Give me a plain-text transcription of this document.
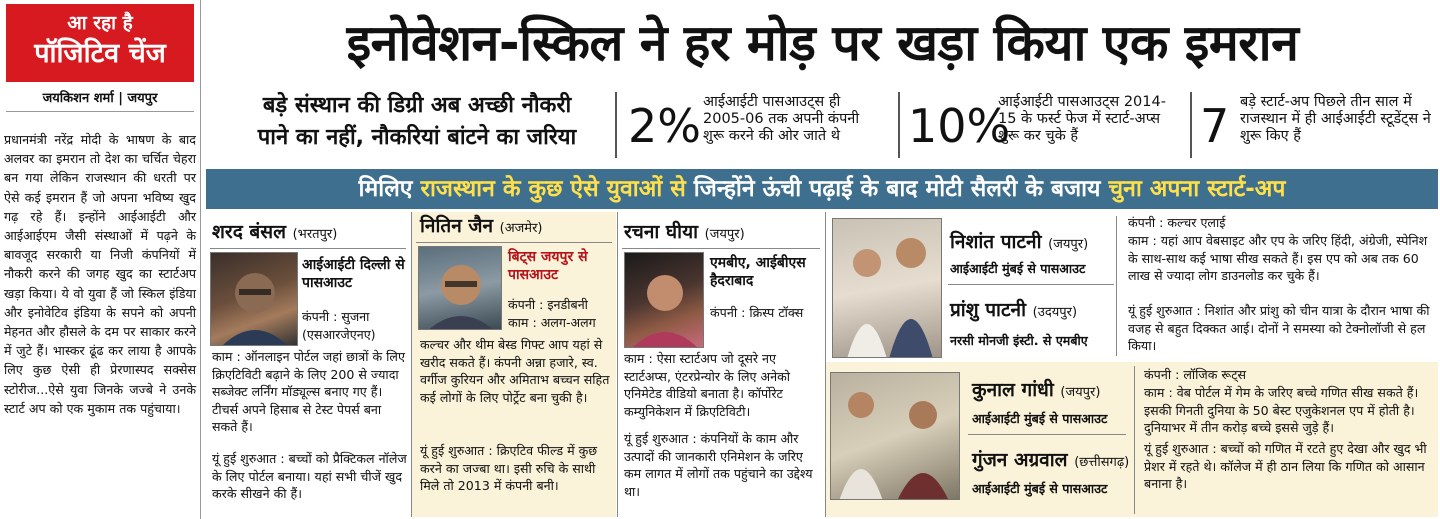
आ रहा है
पॉजिटिव चेंज
जयकिशन शर्मा | जयपुर
प्रधानमंत्री नरेंद्र मोदी के भाषण के बाद अलवर का इमरान तो देश का चर्चित चेहरा बन गया लेकिन राजस्थान की धरती पर ऐसे कई इमरान हैं जो अपना भविष्य खुद गढ़ रहे हैं। इन्होंने आईआईटी और आईआईएम जैसी संस्थाओं में पढ़ने के बावजूद सरकारी या निजी कंपनियों में नौकरी करने की जगह खुद का स्टार्टअप खड़ा किया। ये वो युवा हैं जो स्किल इंडिया और इनोवेटिव इंडिया के सपने को अपनी मेहनत और हौसले के दम पर साकार करने में जुटे हैं। भास्कर ढूंढ कर लाया है आपके लिए कुछ ऐसी ही प्रेरणास्पद सक्सेस स्टोरीज...ऐसे युवा जिनके जज्बे ने उनके स्टार्ट अप को एक मुकाम तक पहुंचाया।
इनोवेशन-स्किल ने हर मोड़ पर खड़ा किया एक इमरान
बड़े संस्थान की डिग्री अब अच्छी नौकरी
पाने का नहीं, नौकरियां बांटने का जरिया	2% आईआईटी पासआउट्स ही 2005-06 तक अपनी कंपनी शुरू करने की ओर जाते थे	10%
आईआईटी पासआउट्स 2014-15 के फर्स्ट फेज में स्टार्ट-अप्स शुरू कर चुके हैं	7 बड़े स्टार्ट-अप पिछले तीन साल में राजस्थान में ही आईआईटी स्टूडेंट्स ने शुरू किए हैं
मिलिए राजस्थान के कुछ ऐसे युवाओं से जिन्होंने ऊंची पढ़ाई के बाद मोटी सैलरी के बजाय चुना अपना स्टार्ट-अप
शरद बंसल (भरतपुर)
आईआईटी दिल्ली से पासआउट
कंपनी : सुजना (एसआरजेएनए)
काम : ऑनलाइन पोर्टल जहां छात्रों के लिए क्रिएटिविटी बढ़ाने के लिए 200 से ज्यादा सब्जेक्ट लर्निंग मॉड्यूल्स बनाए गए हैं। टीचर्स अपने हिसाब से टेस्ट पेपर्स बना सकते हैं।
यूं हुई शुरुआत : बच्चों को प्रैक्टिकल नॉलेज के लिए पोर्टल बनाया। यहां सभी चीजें खुद करके सीखने की हैं।
नितिन जैन (अजमेर)
बिट्स जयपुर से पासआउट
कंपनी : इनडीबनी
काम : अलग-अलग
कल्चर और थीम बेस्ड गिफ्ट आप यहां से खरीद सकते हैं। कंपनी अन्ना हजारे, स्व. वर्गीज कुरियन और अमिताभ बच्चन सहित कई लोगों के लिए पोर्ट्रेट बना चुकी है।
यूं हुई शुरुआत : क्रिएटिव फील्ड में कुछ करने का जज्बा था। इसी रुचि के साथी मिले तो 2013 में कंपनी बनी।
रचना घीया (जयपुर)
एमबीए, आईबीएस हैदराबाद
कंपनी : क्रिस्प टॉक्स
काम : ऐसा स्टार्टअप जो दूसरे नए स्टार्टअप्स, एंटरप्रेन्योर के लिए अनेको एनिमेटेड वीडियो बनाता है। कॉर्पोरेट कम्युनिकेशन में क्रिएटिविटी।
यूं हुई शुरुआत : कंपनियों के काम और उत्पादों की जानकारी एनिमेशन के जरिए कम लागत में लोगों तक पहुंचाने का उद्देश्य था।
निशांत पाटनी (जयपुर)
आईआईटी मुंबई से पासआउट
प्रांशु पाटनी (उदयपुर)
नरसी मोनजी इंस्टी. से एमबीए
कंपनी : कल्चर एलाई
काम : यहां आप वेबसाइट और एप के जरिए हिंदी, अंग्रेजी, स्पेनिश के साथ-साथ कई भाषा सीख सकते हैं। इस एप को अब तक 60 लाख से ज्यादा लोग डाउनलोड कर चुके हैं।
यूं हुई शुरुआत : निशांत और प्रांशु को चीन यात्रा के दौरान भाषा की वजह से बहुत दिक्कत आई। दोनों ने समस्या को टेक्नोलॉजी से हल किया।
कुनाल गांधी (जयपुर)
आईआईटी मुंबई से पासआउट
गुंजन अग्रवाल (छत्तीसगढ़)
आईआईटी मुंबई से पासआउट
कंपनी : लॉजिक रूट्स
काम : वेब पोर्टल में गेम के जरिए बच्चे गणित सीख सकते हैं। इसकी गिनती दुनिया के 50 बेस्ट एजुकेशनल एप में होती है। दुनियाभर में तीन करोड़ बच्चे इससे जुड़े हैं।
यूं हुई शुरुआत : बच्चों को गणित में रटते हुए देखा और खुद भी प्रेशर में रहते थे। कॉलेज में ही ठान लिया कि गणित को आसान बनाना है।
